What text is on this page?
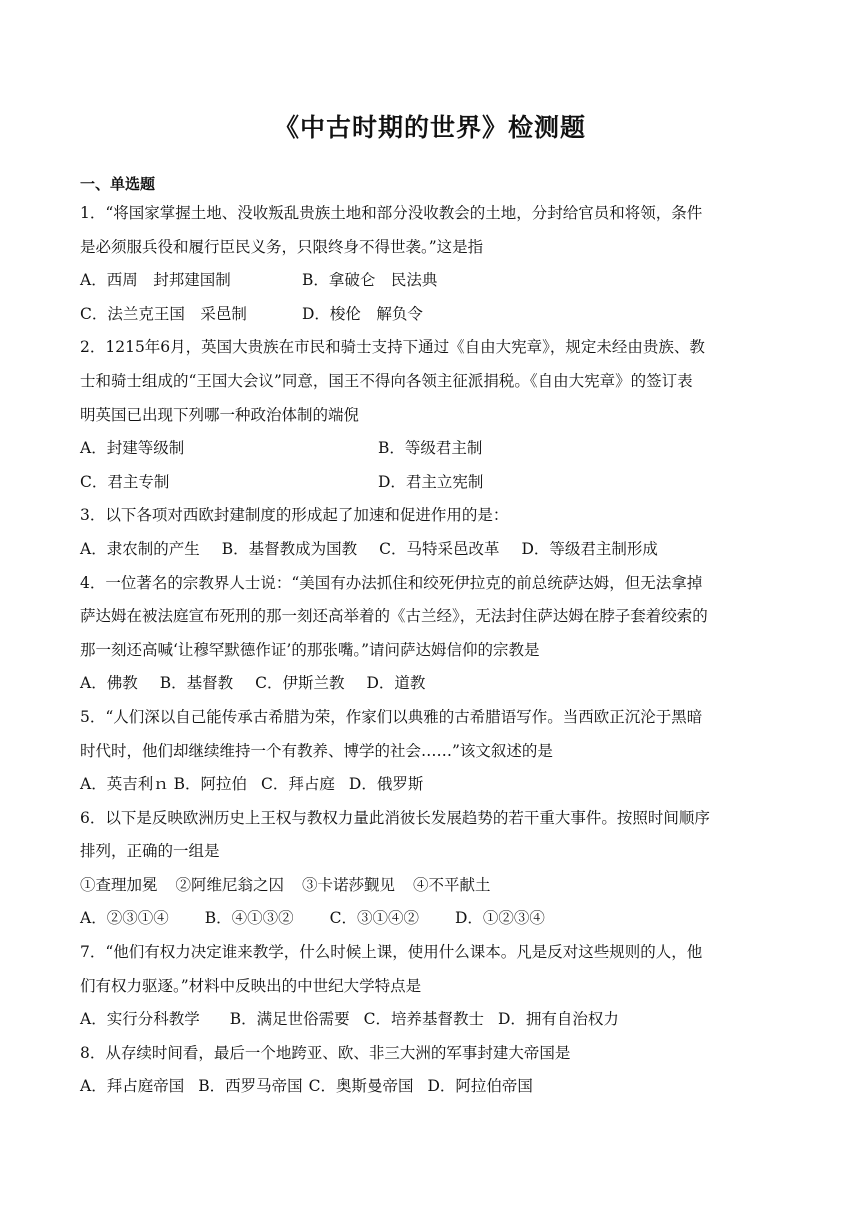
《中古时期的世界》检测题
一、单选题
1．“将国家掌握土地、没收叛乱贵族土地和部分没收教会的土地，分封给官员和将领，条件
是必须服兵役和履行臣民义务，只限终身不得世袭。”这是指
A．西周　封邦建国制	B．拿破仑　民法典
C．法兰克王国　采邑制	D．梭伦　解负令
2．1215年6月，英国大贵族在市民和骑士支持下通过《自由大宪章》，规定未经由贵族、教
士和骑士组成的“王国大会议”同意，国王不得向各领主征派捐税。《自由大宪章》的签订表
明英国已出现下列哪一种政治体制的端倪
A．封建等级制	B．等级君主制
C．君主专制	D．君主立宪制
3．以下各项对西欧封建制度的形成起了加速和促进作用的是：
A．隶农制的产生 B．基督教成为国教 C．马特采邑改革 D．等级君主制形成
4．一位著名的宗教界人士说：“美国有办法抓住和绞死伊拉克的前总统萨达姆，但无法拿掉
萨达姆在被法庭宣布死刑的那一刻还高举着的《古兰经》，无法封住萨达姆在脖子套着绞索的
那一刻还高喊‘让穆罕默德作证’的那张嘴。”请问萨达姆信仰的宗教是
A．佛教 B．基督教 C．伊斯兰教 D．道教
5．“人们深以自己能传承古希腊为荣，作家们以典雅的古希腊语写作。当西欧正沉沦于黑暗
时代时，他们却继续维持一个有教养、博学的社会……”该文叙述的是
A．英吉利ｎ B．阿拉伯 C．拜占庭 D．俄罗斯
6．以下是反映欧洲历史上王权与教权力量此消彼长发展趋势的若干重大事件。按照时间顺序
排列，正确的一组是
①查理加冕 ②阿维尼翁之囚 ③卡诺莎觐见 ④不平献土
A．②③①④ B．④①③② C．③①④② D．①②③④
7．“他们有权力决定谁来教学，什么时候上课，使用什么课本。凡是反对这些规则的人，他
们有权力驱逐。”材料中反映出的中世纪大学特点是
A．实行分科教学 B．满足世俗需要 C．培养基督教士 D．拥有自治权力
8．从存续时间看，最后一个地跨亚、欧、非三大洲的军事封建大帝国是
A．拜占庭帝国 B．西罗马帝国 C．奥斯曼帝国 D．阿拉伯帝国
